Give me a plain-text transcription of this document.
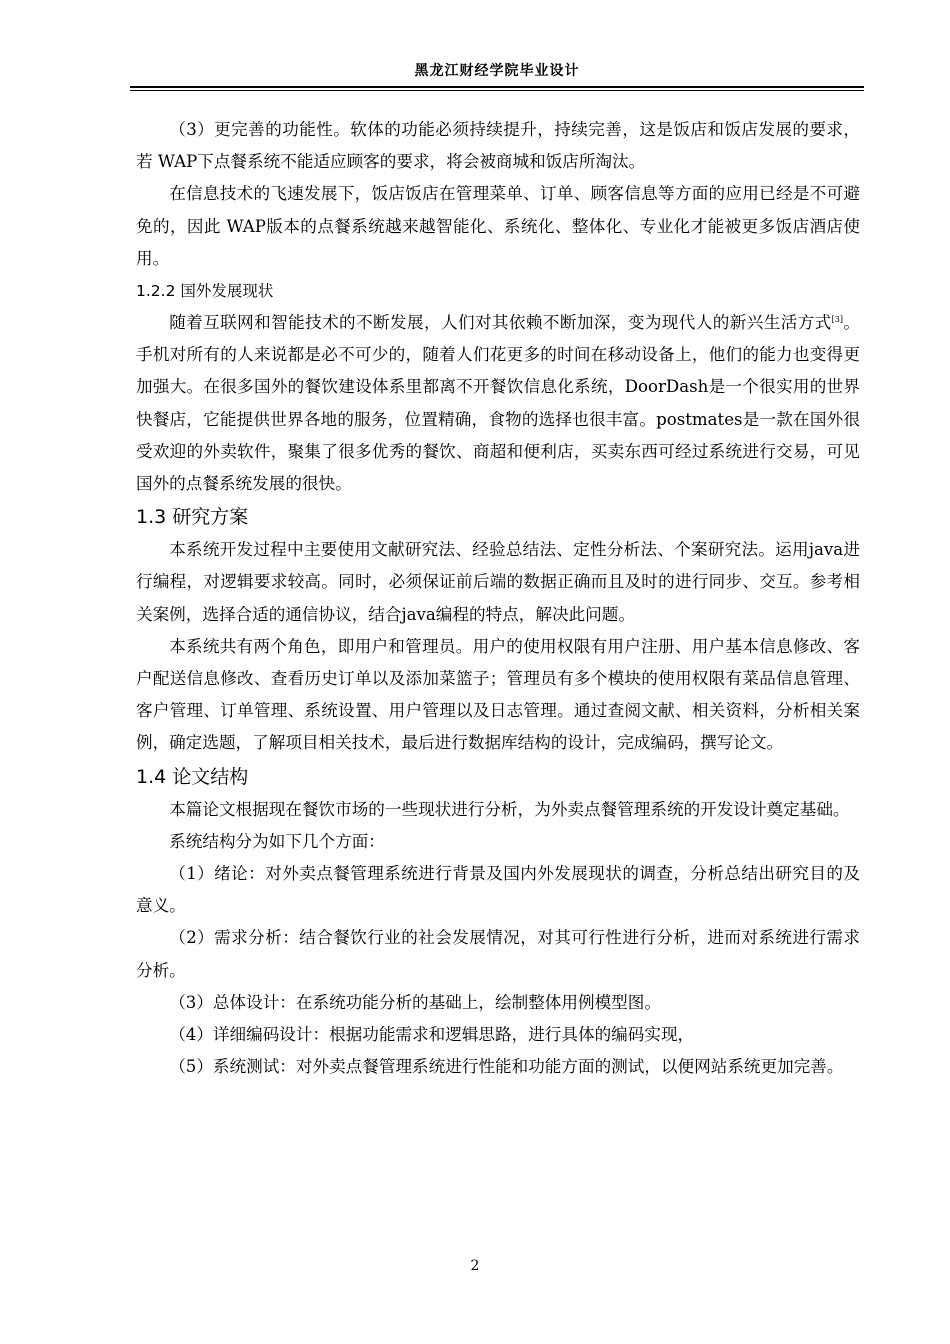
黑龙江财经学院毕业设计

（3）更完善的功能性。软体的功能必须持续提升，持续完善，这是饭店和饭店发展的要求，若 WAP下点餐系统不能适应顾客的要求，将会被商城和饭店所淘汰。

在信息技术的飞速发展下，饭店饭店在管理菜单、订单、顾客信息等方面的应用已经是不可避免的，因此 WAP版本的点餐系统越来越智能化、系统化、整体化、专业化才能被更多饭店酒店使用。

1.2.2 国外发展现状

随着互联网和智能技术的不断发展，人们对其依赖不断加深，变为现代人的新兴生活方式[3]。手机对所有的人来说都是必不可少的，随着人们花更多的时间在移动设备上，他们的能力也变得更加强大。在很多国外的餐饮建设体系里都离不开餐饮信息化系统，DoorDash是一个很实用的世界快餐店，它能提供世界各地的服务，位置精确，食物的选择也很丰富。postmates是一款在国外很受欢迎的外卖软件，聚集了很多优秀的餐饮、商超和便利店，买卖东西可经过系统进行交易，可见国外的点餐系统发展的很快。

1.3 研究方案

本系统开发过程中主要使用文献研究法、经验总结法、定性分析法、个案研究法。运用java进行编程，对逻辑要求较高。同时，必须保证前后端的数据正确而且及时的进行同步、交互。参考相关案例，选择合适的通信协议，结合java编程的特点，解决此问题。

本系统共有两个角色，即用户和管理员。用户的使用权限有用户注册、用户基本信息修改、客户配送信息修改、查看历史订单以及添加菜篮子；管理员有多个模块的使用权限有菜品信息管理、客户管理、订单管理、系统设置、用户管理以及日志管理。通过查阅文献、相关资料，分析相关案例，确定选题，了解项目相关技术，最后进行数据库结构的设计，完成编码，撰写论文。

1.4 论文结构

本篇论文根据现在餐饮市场的一些现状进行分析，为外卖点餐管理系统的开发设计奠定基础。

系统结构分为如下几个方面：

（1）绪论：对外卖点餐管理系统进行背景及国内外发展现状的调查，分析总结出研究目的及意义。

（2）需求分析：结合餐饮行业的社会发展情况，对其可行性进行分析，进而对系统进行需求分析。

（3）总体设计：在系统功能分析的基础上，绘制整体用例模型图。

（4）详细编码设计：根据功能需求和逻辑思路，进行具体的编码实现，

（5）系统测试：对外卖点餐管理系统进行性能和功能方面的测试，以便网站系统更加完善。

2
